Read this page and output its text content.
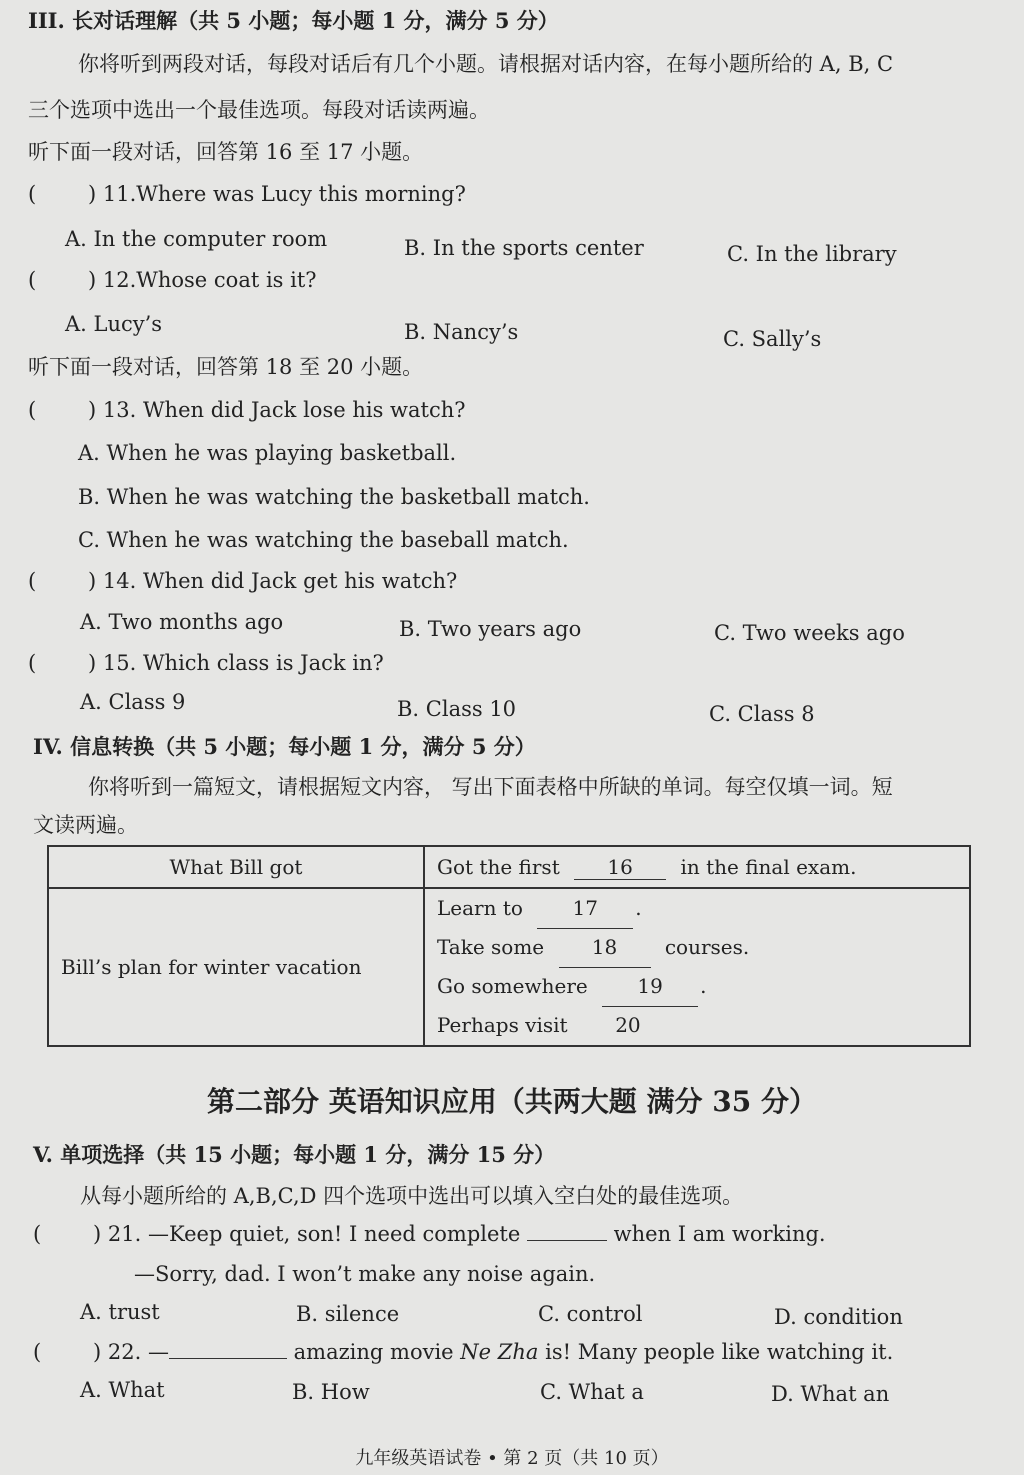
III. 长对话理解（共 5 小题；每小题 1 分，满分 5 分）
你将听到两段对话，每段对话后有几个小题。请根据对话内容，在每小题所给的 A, B, C
三个选项中选出一个最佳选项。每段对话读两遍。
听下面一段对话，回答第 16 至 17 小题。
( ) 11.Where was Lucy this morning?
A. In the computer room	B. In the sports center	C. In the library
( ) 12.Whose coat is it?
A. Lucy’s	B. Nancy’s	C. Sally’s
听下面一段对话，回答第 18 至 20 小题。
( ) 13. When did Jack lose his watch?
A. When he was playing basketball.
B. When he was watching the basketball match.
C. When he was watching the baseball match.
( ) 14. When did Jack get his watch?
A. Two months ago	B. Two years ago	C. Two weeks ago
( ) 15. Which class is Jack in?
A. Class 9	B. Class 10	C. Class 8
IV. 信息转换（共 5 小题；每小题 1 分，满分 5 分）
你将听到一篇短文，请根据短文内容， 写出下面表格中所缺的单词。每空仅填一词。短
文读两遍。
What Bill got	Got the first 16 in the final exam.
Bill’s plan for winter vacation	Learn to 17 .
Take some 18 courses.
Go somewhere 19 .
Perhaps visit 20
第二部分 英语知识应用（共两大题 满分 35 分）
V. 单项选择（共 15 小题；每小题 1 分，满分 15 分）
从每小题所给的 A,B,C,D 四个选项中选出可以填入空白处的最佳选项。
( ) 21. —Keep quiet, son! I need complete	when I am working.
—Sorry, dad. I won’t make any noise again.
A. trust	B. silence	C. control	D. condition
( ) 22. —	amazing movie Ne Zha is! Many people like watching it.
A. What	B. How	C. What a	D. What an
九年级英语试卷 • 第 2 页（共 10 页）
